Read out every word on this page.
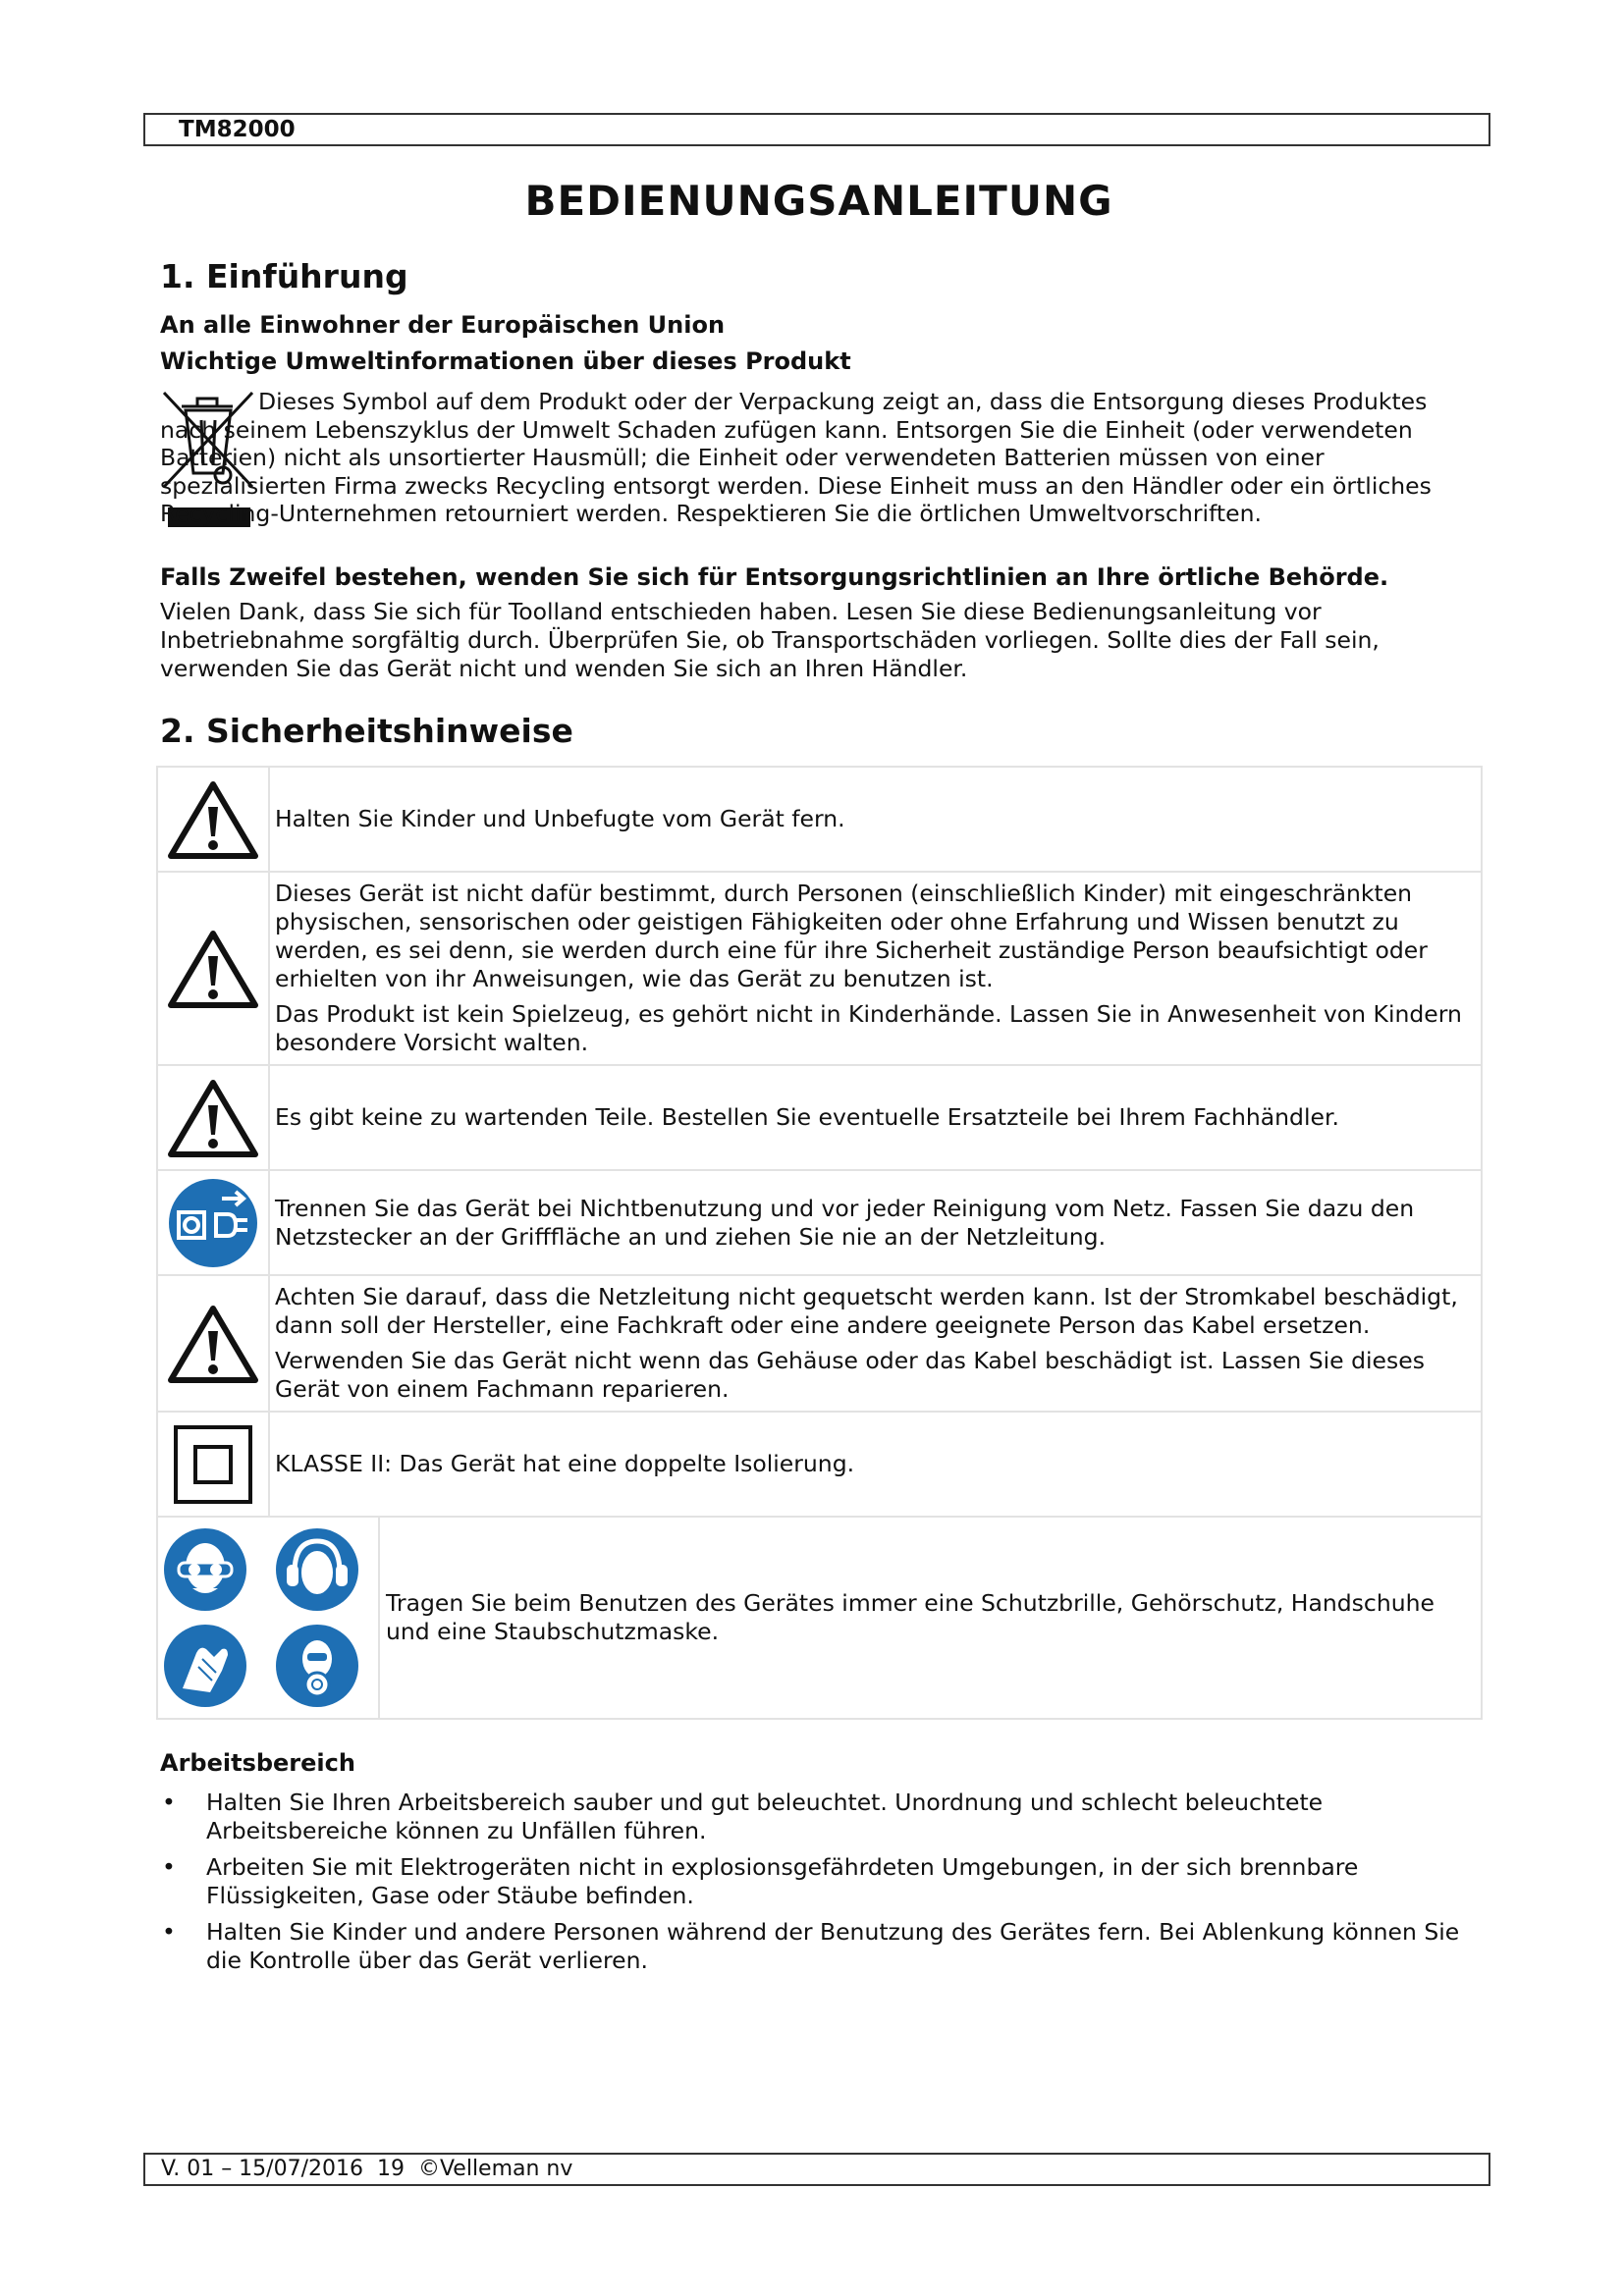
TM82000
BEDIENUNGSANLEITUNG
1. Einführung

An alle Einwohner der Europäischen Union

Wichtige Umweltinformationen über dieses Produkt

Dieses Symbol auf dem Produkt oder der Verpackung zeigt an, dass die Entsorgung dieses Produktes nach seinem Lebenszyklus der Umwelt Schaden zufügen kann. Entsorgen Sie die Einheit (oder verwendeten Batterien) nicht als unsortierter Hausmüll; die Einheit oder verwendeten Batterien müssen von einer spezialisierten Firma zwecks Recycling entsorgt werden. Diese Einheit muss an den Händler oder ein örtliches Recycling-Unternehmen retourniert werden. Respektieren Sie die örtlichen Umweltvorschriften.

Falls Zweifel bestehen, wenden Sie sich für Entsorgungsrichtlinien an Ihre örtliche Behörde.

Vielen Dank, dass Sie sich für Toolland entschieden haben. Lesen Sie diese Bedienungsanleitung vor Inbetriebnahme sorgfältig durch. Überprüfen Sie, ob Transportschäden vorliegen. Sollte dies der Fall sein, verwenden Sie das Gerät nicht und wenden Sie sich an Ihren Händler.

2. Sicherheitshinweise

Halten Sie Kinder und Unbefugte vom Gerät fern.

Dieses Gerät ist nicht dafür bestimmt, durch Personen (einschließlich Kinder) mit eingeschränkten physischen, sensorischen oder geistigen Fähigkeiten oder ohne Erfahrung und Wissen benutzt zu werden, es sei denn, sie werden durch eine für ihre Sicherheit zuständige Person beaufsichtigt oder erhielten von ihr Anweisungen, wie das Gerät zu benutzen ist.

Das Produkt ist kein Spielzeug, es gehört nicht in Kinderhände. Lassen Sie in Anwesenheit von Kindern besondere Vorsicht walten.

Es gibt keine zu wartenden Teile. Bestellen Sie eventuelle Ersatzteile bei Ihrem Fachhändler.

Trennen Sie das Gerät bei Nichtbenutzung und vor jeder Reinigung vom Netz. Fassen Sie dazu den Netzstecker an der Grifffläche an und ziehen Sie nie an der Netzleitung.

Achten Sie darauf, dass die Netzleitung nicht gequetscht werden kann. Ist der Stromkabel beschädigt, dann soll der Hersteller, eine Fachkraft oder eine andere geeignete Person das Kabel ersetzen.

Verwenden Sie das Gerät nicht wenn das Gehäuse oder das Kabel beschädigt ist. Lassen Sie dieses Gerät von einem Fachmann reparieren.

KLASSE II: Das Gerät hat eine doppelte Isolierung.

Tragen Sie beim Benutzen des Gerätes immer eine Schutzbrille, Gehörschutz, Handschuhe und eine Staubschutzmaske.	

Arbeitsbereich
• Halten Sie Ihren Arbeitsbereich sauber und gut beleuchtet. Unordnung und schlecht beleuchtete Arbeitsbereiche können zu Unfällen führen.
• Arbeiten Sie mit Elektrogeräten nicht in explosionsgefährdeten Umgebungen, in der sich brennbare Flüssigkeiten, Gase oder Stäube befinden.
• Halten Sie Kinder und andere Personen während der Benutzung des Gerätes fern. Bei Ablenkung können Sie die Kontrolle über das Gerät verlieren.
V. 01 – 15/07/2016  19  ©Velleman nv
